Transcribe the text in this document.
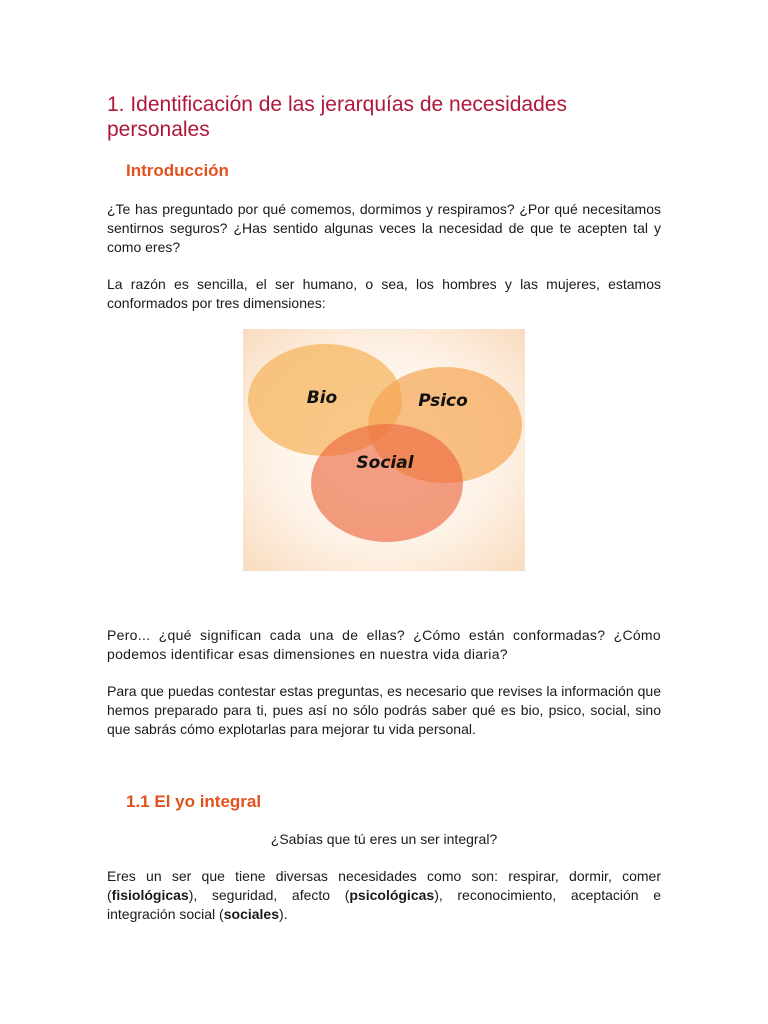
1. Identificación de las jerarquías de necesidades personales
Introducción

¿Te has preguntado por qué comemos, dormimos y respiramos? ¿Por qué necesitamos sentirnos seguros? ¿Has sentido algunas veces la necesidad de que te acepten tal y como eres?

La razón es sencilla, el ser humano, o sea, los hombres y las mujeres, estamos conformados por tres dimensiones:

Bio	Psico
Social

Pero... ¿qué significan cada una de ellas? ¿Cómo están conformadas? ¿Cómo podemos identificar esas dimensiones en nuestra vida diaria?

Para que puedas contestar estas preguntas, es necesario que revises la información que hemos preparado para ti, pues así no sólo podrás saber qué es bio, psico, social, sino que sabrás cómo explotarlas para mejorar tu vida personal.

1.1 El yo integral

¿Sabías que tú eres un ser integral?

Eres un ser que tiene diversas necesidades como son: respirar, dormir, comer (fisiológicas), seguridad, afecto (psicológicas), reconocimiento, aceptación e integración social (sociales).
